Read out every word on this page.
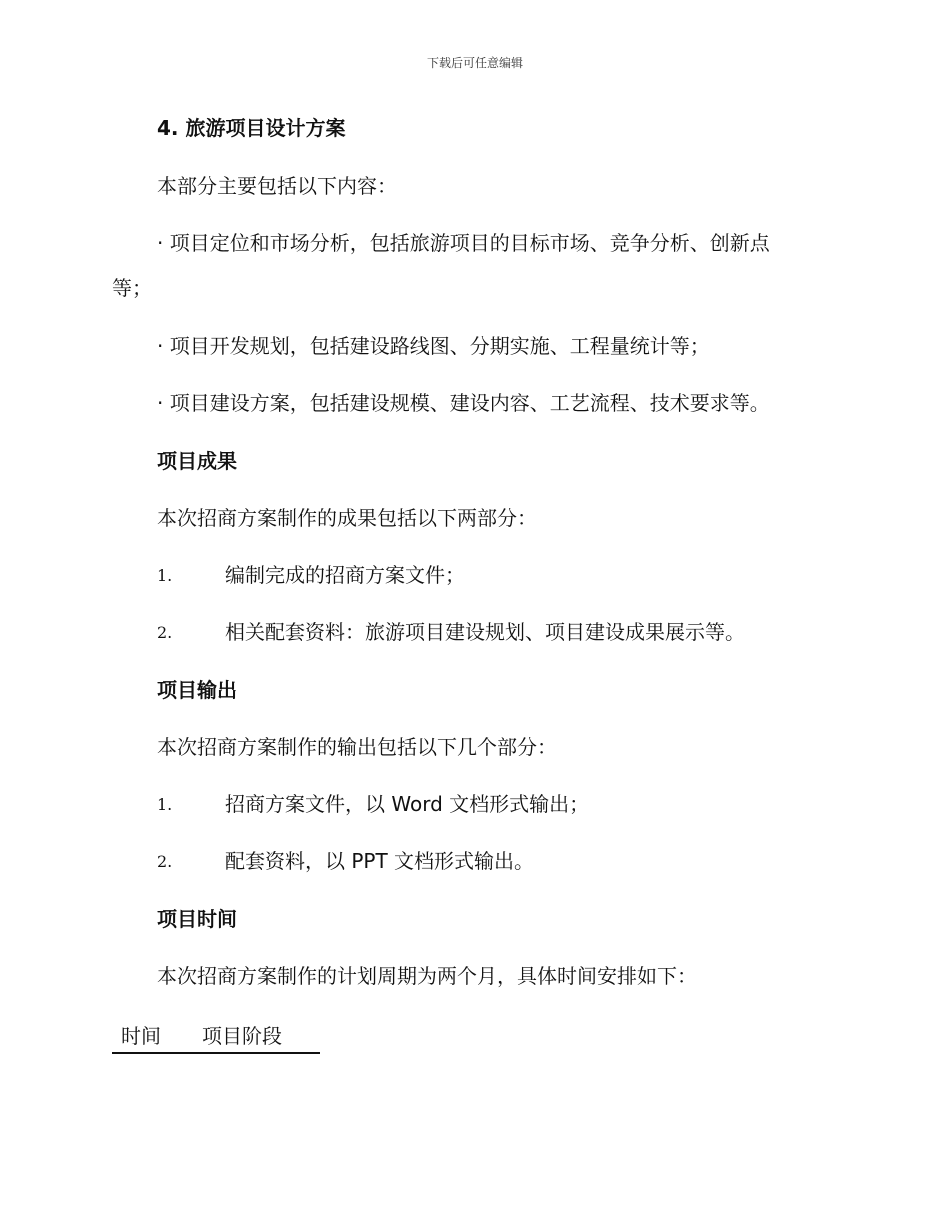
下载后可任意编辑
4. 旅游项目设计方案
本部分主要包括以下内容：
· 项目定位和市场分析，包括旅游项目的目标市场、竞争分析、创新点
等；
· 项目开发规划，包括建设路线图、分期实施、工程量统计等；
· 项目建设方案，包括建设规模、建设内容、工艺流程、技术要求等。
项目成果
本次招商方案制作的成果包括以下两部分：
1.	编制完成的招商方案文件；
2.	相关配套资料：旅游项目建设规划、项目建设成果展示等。
项目输出
本次招商方案制作的输出包括以下几个部分：
1.	招商方案文件，以 Word 文档形式输出；
2.	配套资料，以 PPT 文档形式输出。
项目时间
本次招商方案制作的计划周期为两个月，具体时间安排如下：
时间 项目阶段
